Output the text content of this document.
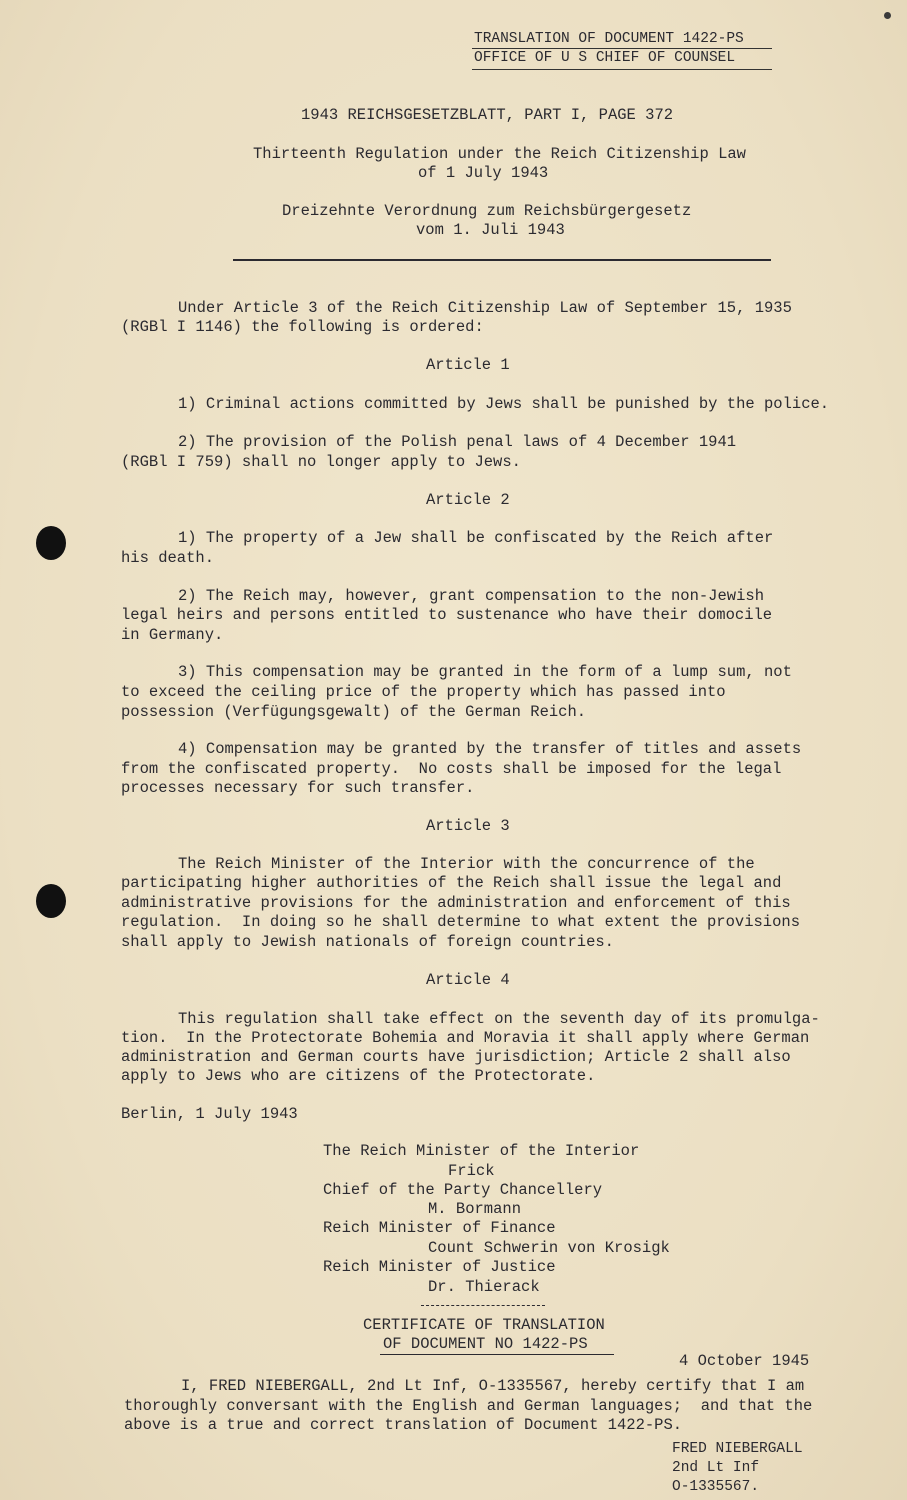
TRANSLATION OF DOCUMENT 1422-PS

OFFICE OF U S CHIEF OF COUNSEL

1943 REICHSGESETZBLATT, PART I, PAGE 372

Thirteenth Regulation under the Reich Citizenship Law

of 1 July 1943

Dreizehnte Verordnung zum Reichsbürgergesetz

vom 1. Juli 1943

Under Article 3 of the Reich Citizenship Law of September 15, 1935

(RGBl I 1146) the following is ordered:

Article 1

1) Criminal actions committed by Jews shall be punished by the police.

2) The provision of the Polish penal laws of 4 December 1941

(RGBl I 759) shall no longer apply to Jews.

Article 2

1) The property of a Jew shall be confiscated by the Reich after

his death.

2) The Reich may, however, grant compensation to the non-Jewish

legal heirs and persons entitled to sustenance who have their domocile

in Germany.

3) This compensation may be granted in the form of a lump sum, not

to exceed the ceiling price of the property which has passed into

possession (Verfügungsgewalt) of the German Reich.

4) Compensation may be granted by the transfer of titles and assets

from the confiscated property.  No costs shall be imposed for the legal

processes necessary for such transfer.

Article 3

The Reich Minister of the Interior with the concurrence of the

participating higher authorities of the Reich shall issue the legal and

administrative provisions for the administration and enforcement of this

regulation.  In doing so he shall determine to what extent the provisions

shall apply to Jewish nationals of foreign countries.

Article 4

This regulation shall take effect on the seventh day of its promulga-

tion.  In the Protectorate Bohemia and Moravia it shall apply where German

administration and German courts have jurisdiction; Article 2 shall also

apply to Jews who are citizens of the Protectorate.

Berlin, 1 July 1943

The Reich Minister of the Interior

Frick

Chief of the Party Chancellery

M. Bormann

Reich Minister of Finance

Count Schwerin von Krosigk

Reich Minister of Justice

Dr. Thierack

CERTIFICATE OF TRANSLATION

OF DOCUMENT NO 1422-PS

4 October 1945

I, FRED NIEBERGALL, 2nd Lt Inf, O-1335567, hereby certify that I am

thoroughly conversant with the English and German languages;  and that the

above is a true and correct translation of Document 1422-PS.

FRED NIEBERGALL

2nd Lt Inf

O-1335567.
